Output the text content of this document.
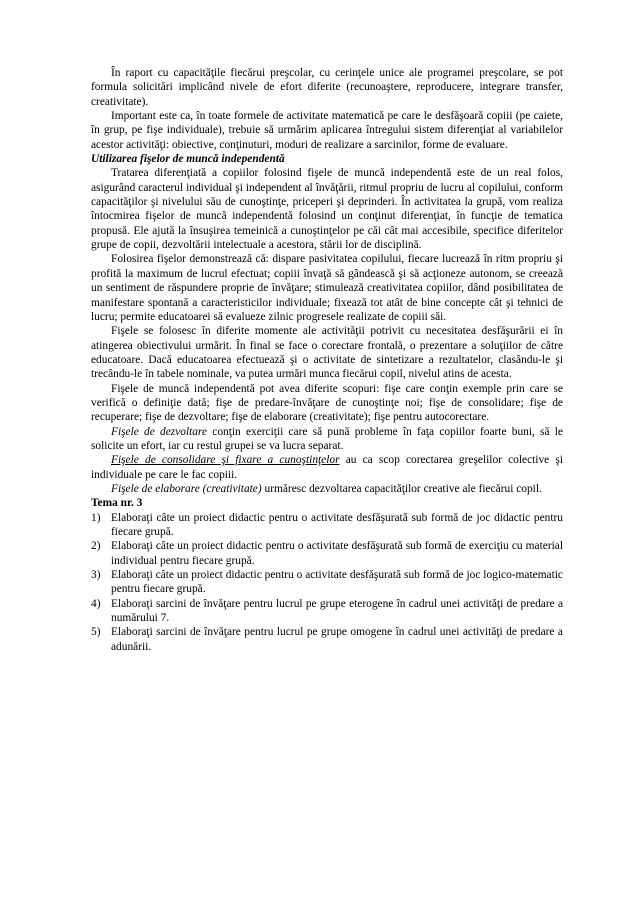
În raport cu capacităţile fiecărui preşcolar, cu cerinţele unice ale programei preşcolare, se pot formula solicitări implicând nivele de efort diferite (recunoaştere, reproducere, integrare transfer, creativitate).

Important este ca, în toate formele de activitate matematică pe care le desfăşoară copiii (pe caiete, în grup, pe fişe individuale), trebuie să urmărim aplicarea întregului sistem diferenţiat al variabilelor acestor activităţi: obiective, conţinuturi, moduri de realizare a sarcinilor, forme de evaluare.

Utilizarea fişelor de muncă independentă

Tratarea diferenţiată a copiilor folosind fişele de muncă independentă este de un real folos, asigurând caracterul individual şi independent al învăţării, ritmul propriu de lucru al copilului, conform capacităţilor şi nivelului său de cunoştinţe, priceperi şi deprinderi. În activitatea la grupă, vom realiza întocmirea fişelor de muncă independentă folosind un conţinut diferenţiat, în funcţie de tematica propusă. Ele ajută la însuşirea temeinică a cunoştinţelor pe căi cât mai accesibile, specifice diferitelor grupe de copii, dezvoltării intelectuale a acestora, stării lor de disciplină.

Folosirea fişelor demonstrează că: dispare pasivitatea copilului, fiecare lucrează în ritm propriu şi profită la maximum de lucrul efectuat; copiii învaţă să gândească şi să acţioneze autonom, se creează un sentiment de răspundere proprie de învăţare; stimulează creativitatea copiilor, dând posibilitatea de manifestare spontană a caracteristicilor individuale; fixează tot atât de bine concepte cât şi tehnici de lucru; permite educatoarei să evalueze zilnic progresele realizate de copiii săi.

Fişele se folosesc în diferite momente ale activităţii potrivit cu necesitatea desfăşurării ei în atingerea obiectivului urmărit. În final se face o corectare frontală, o prezentare a soluţiilor de către educatoare. Dacă educatoarea efectuează şi o activitate de sintetizare a rezultatelor, clasându-le şi trecându-le în tabele nominale, va putea urmări munca fiecărui copil, nivelul atins de acesta.

Fişele de muncă independentă pot avea diferite scopuri: fişe care conţin exemple prin care se verifică o definiţie dată; fişe de predare-învăţare de cunoştinţe noi; fişe de consolidare; fişe de recuperare; fişe de dezvoltare; fişe de elaborare (creativitate); fişe pentru autocorectare.

Fişele de dezvoltare conţin exerciţii care să pună probleme în faţa copiilor foarte buni, să le solicite un efort, iar cu restul grupei se va lucra separat.

Fişele de consolidare şi fixare a cunoştinţelor au ca scop corectarea greşelilor colective şi individuale pe care le fac copiii.

Fişele de elaborare (creativitate) urmăresc dezvoltarea capacităţilor creative ale fiecărui copil.

Tema nr. 3

1) Elaboraţi câte un proiect didactic pentru o activitate desfăşurată sub formă de joc didactic pentru fiecare grupă.
2) Elaboraţi câte un proiect didactic pentru o activitate desfăşurată sub formă de exerciţiu cu material individual pentru fiecare grupă.
3) Elaboraţi câte un proiect didactic pentru o activitate desfăşurată sub formă de joc logico-matematic pentru fiecare grupă.
4) Elaboraţi sarcini de învăţare pentru lucrul pe grupe eterogene în cadrul unei activităţi de predare a numărului 7.
5) Elaboraţi sarcini de învăţare pentru lucrul pe grupe omogene în cadrul unei activităţi de predare a adunării.
